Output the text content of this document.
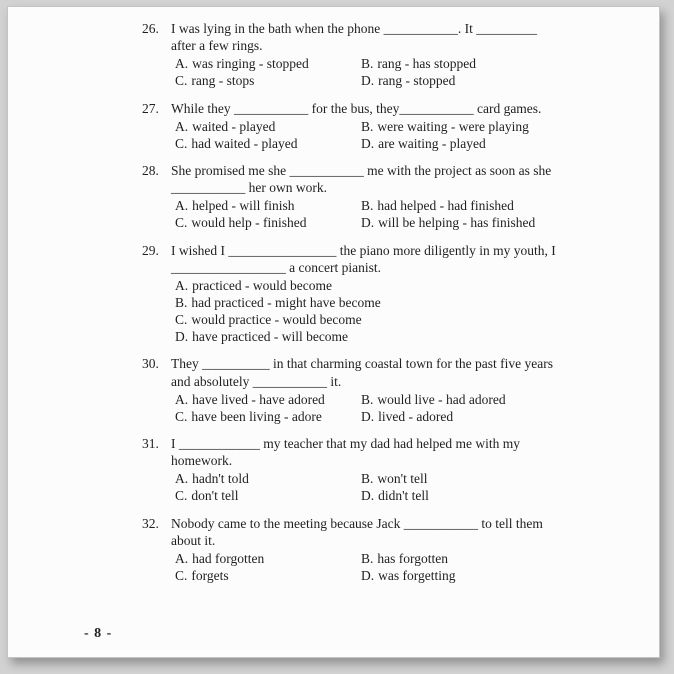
26. I was lying in the bath when the phone ___________. It _________ after a few rings.
A. was ringing - stopped	B. rang - has stopped
C. rang - stops	D. rang - stopped
27. While they ___________ for the bus, they___________ card games.
A. waited - played	B. were waiting - were playing
C. had waited - played	D. are waiting - played
28. She promised me she ___________ me with the project as soon as she ___________ her own work.
A. helped - will finish	B. had helped - had finished
C. would help - finished	D. will be helping - has finished
29. I wished I ________________ the piano more diligently in my youth, I _________________ a concert pianist.
A. practiced - would become
B. had practiced - might have become
C. would practice - would become
D. have practiced - will become
30. They __________ in that charming coastal town for the past five years and absolutely ___________ it.
A. have lived - have adored	B. would live - had adored
C. have been living - adore	D. lived - adored
31. I ____________ my teacher that my dad had helped me with my homework.
A. hadn't told	B. won't tell
C. don't tell	D. didn't tell
32. Nobody came to the meeting because Jack ___________ to tell them about it.
A. had forgotten	B. has forgotten
C. forgets	D. was forgetting
- 8 -
